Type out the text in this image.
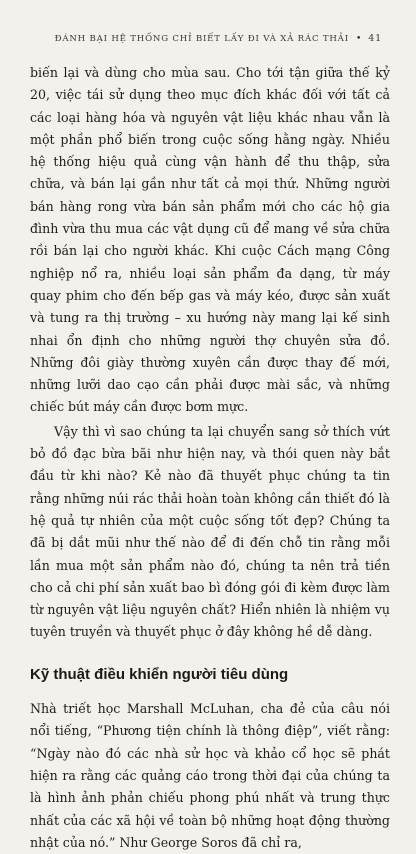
ĐÁNH BẠI HỆ THỐNG CHỈ BIẾT LẤY ĐI VÀ XẢ RÁC THẢI • 41

biến lại và dùng cho mùa sau. Cho tới tận giữa thế kỷ 20, việc tái sử dụng theo mục đích khác đối với tất cả các loại hàng hóa và nguyên vật liệu khác nhau vẫn là một phần phổ biến trong cuộc sống hằng ngày. Nhiều hệ thống hiệu quả cùng vận hành để thu thập, sửa chữa, và bán lại gần như tất cả mọi thứ. Những người bán hàng rong vừa bán sản phẩm mới cho các hộ gia đình vừa thu mua các vật dụng cũ để mang về sửa chữa rồi bán lại cho người khác. Khi cuộc Cách mạng Công nghiệp nổ ra, nhiều loại sản phẩm đa dạng, từ máy quay phim cho đến bếp gas và máy kéo, được sản xuất và tung ra thị trường – xu hướng này mang lại kế sinh nhai ổn định cho những người thợ chuyên sửa đồ. Những đôi giày thường xuyên cần được thay đế mới, những lưỡi dao cạo cần phải được mài sắc, và những chiếc bút máy cần được bơm mực.

Vậy thì vì sao chúng ta lại chuyển sang sở thích vứt bỏ đồ đạc bừa bãi như hiện nay, và thói quen này bắt đầu từ khi nào? Kẻ nào đã thuyết phục chúng ta tin rằng những núi rác thải hoàn toàn không cần thiết đó là hệ quả tự nhiên của một cuộc sống tốt đẹp? Chúng ta đã bị dắt mũi như thế nào để đi đến chỗ tin rằng mỗi lần mua một sản phẩm nào đó, chúng ta nên trả tiền cho cả chi phí sản xuất bao bì đóng gói đi kèm được làm từ nguyên vật liệu nguyên chất? Hiển nhiên là nhiệm vụ tuyên truyền và thuyết phục ở đây không hề dễ dàng.

Kỹ thuật điều khiển người tiêu dùng

Nhà triết học Marshall McLuhan, cha đẻ của câu nói nổi tiếng, “Phương tiện chính là thông điệp”, viết rằng: “Ngày nào đó các nhà sử học và khảo cổ học sẽ phát hiện ra rằng các quảng cáo trong thời đại của chúng ta là hình ảnh phản chiếu phong phú nhất và trung thực nhất của các xã hội về toàn bộ những hoạt động thường nhật của nó.” Như George Soros đã chỉ ra,
